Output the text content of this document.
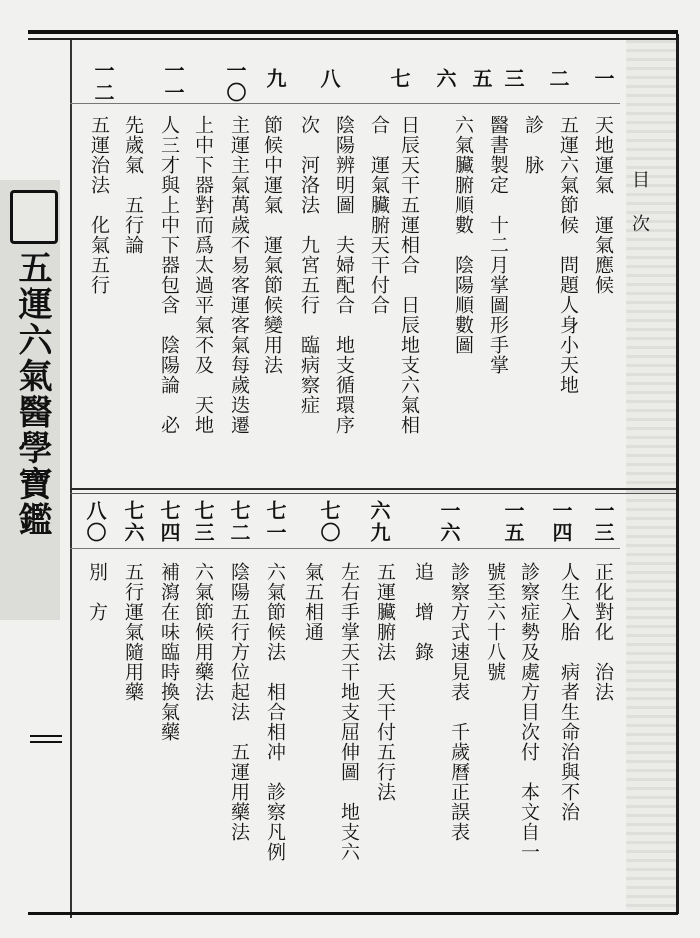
五運六氣醫學寶鑑
目　次
一
二
三
五
六
七
八
九
一〇
一一
一二
天地運氣　運氣應候
五運六氣節候　問題人身小天地
診　脉
醫書製定　十二月掌圖形手掌
六氣臟腑順數　陰陽順數圖
日辰天干五運相合　日辰地支六氣相
合　運氣臟腑天干付合
陰陽辨明圖　夫婦配合　地支循環序
次　河洛法　九宮五行　臨病察症
節候中運氣　運氣節候變用法
主運主氣萬歲不易客運客氣每歲迭遷
上中下器對而爲太過平氣不及　天地
人三才與上中下器包含　陰陽論　必
先歲氣　五行論
五運治法　化氣五行
一三
一四
一五
一六
六九
七〇
七一
七二
七三
七四
七六
八〇
正化對化　治法
人生入胎　病者生命治與不治
診察症勢及處方目次付　本文自一
號至六十八號
診察方式速見表　千歲曆正誤表
追　增　錄
五運臟腑法　天干付五行法
左右手掌天干地支屈伸圖　地支六
氣五相通
六氣節候法　相合相冲　診察凡例
陰陽五行方位起法　五運用藥法
六氣節候用藥法
補瀉在味臨時換氣藥
五行運氣隨用藥
別　方
